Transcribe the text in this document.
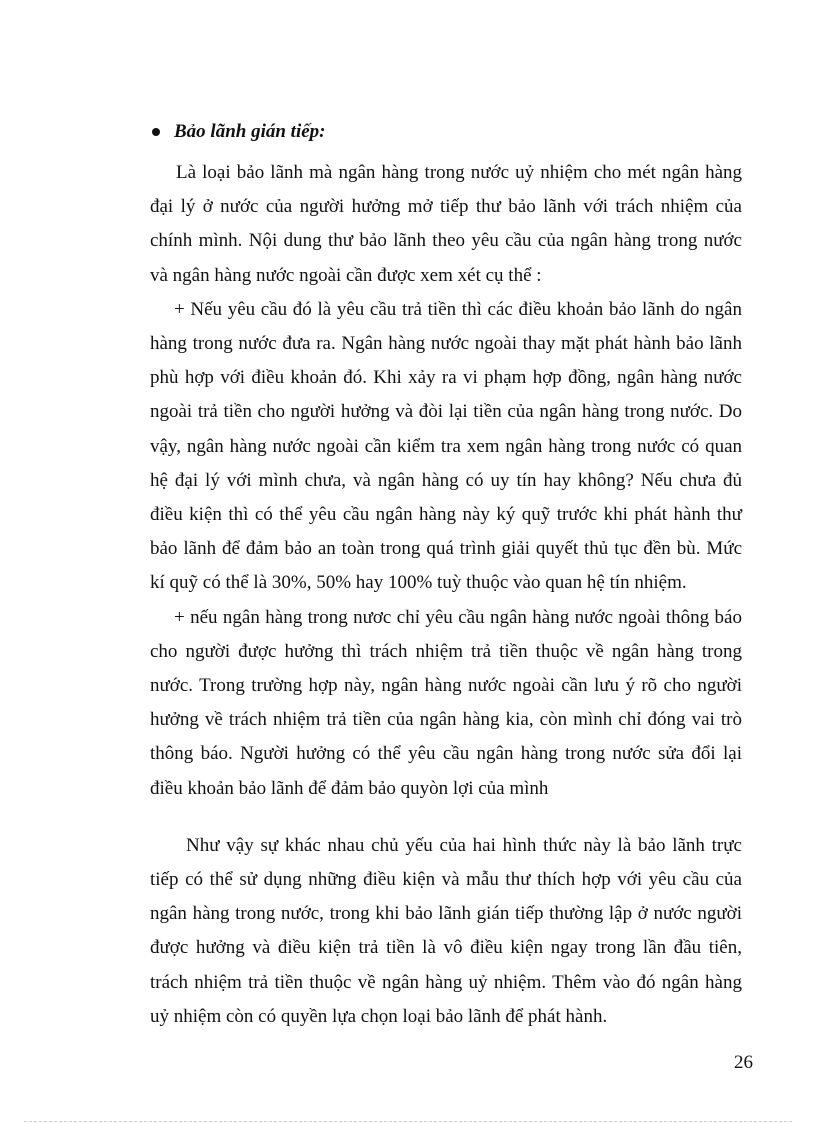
Bảo lãnh gián tiếp:

Là loại bảo lãnh mà ngân hàng trong nước uỷ nhiệm cho mét ngân hàng đại lý ở nước của người hưởng mở tiếp thư bảo lãnh với trách nhiệm của chính mình. Nội dung thư bảo lãnh theo yêu cầu của ngân hàng trong nước và ngân hàng nước ngoài cần được xem xét cụ thể :

+ Nếu yêu cầu đó là yêu cầu trả tiền thì các điều khoản bảo lãnh do ngân hàng trong nước đưa ra. Ngân hàng nước ngoài thay mặt phát hành bảo lãnh phù hợp với điều khoản đó. Khi xảy ra vi phạm hợp đồng, ngân hàng nước ngoài trả tiền cho người hưởng và đòi lại tiền của ngân hàng trong nước. Do vậy, ngân hàng nước ngoài cần kiểm tra xem ngân hàng trong nước có quan hệ đại lý với mình chưa, và ngân hàng có uy tín hay không? Nếu chưa đủ điều kiện thì có thể yêu cầu ngân hàng này ký quỹ trước khi phát hành thư bảo lãnh để đảm bảo an toàn trong quá trình giải quyết thủ tục đền bù. Mức kí quỹ có thể là 30%, 50% hay 100% tuỳ thuộc vào quan hệ tín nhiệm.

+ nếu ngân hàng trong nươc chỉ yêu cầu ngân hàng nước ngoài thông báo cho người được hưởng thì trách nhiệm trả tiền thuộc về ngân hàng trong nước. Trong trường hợp này, ngân hàng nước ngoài cần lưu ý rõ cho người hưởng về trách nhiệm trả tiền của ngân hàng kia, còn mình chỉ đóng vai trò thông báo. Người hưởng có thể yêu cầu ngân hàng trong nước sửa đổi lại điều khoản bảo lãnh để đảm bảo quyòn lợi của mình

Như vậy sự khác nhau chủ yếu của hai hình thức này là bảo lãnh trực tiếp có thể sử dụng những điều kiện và mẫu thư thích hợp với yêu cầu của ngân hàng trong nước, trong khi bảo lãnh gián tiếp thường lập ở nước người được hưởng và điều kiện trả tiền là vô điều kiện ngay trong lần đầu tiên, trách nhiệm trả tiền thuộc về ngân hàng uỷ nhiệm. Thêm vào đó ngân hàng uỷ nhiệm còn có quyền lựa chọn loại bảo lãnh để phát hành.

26
